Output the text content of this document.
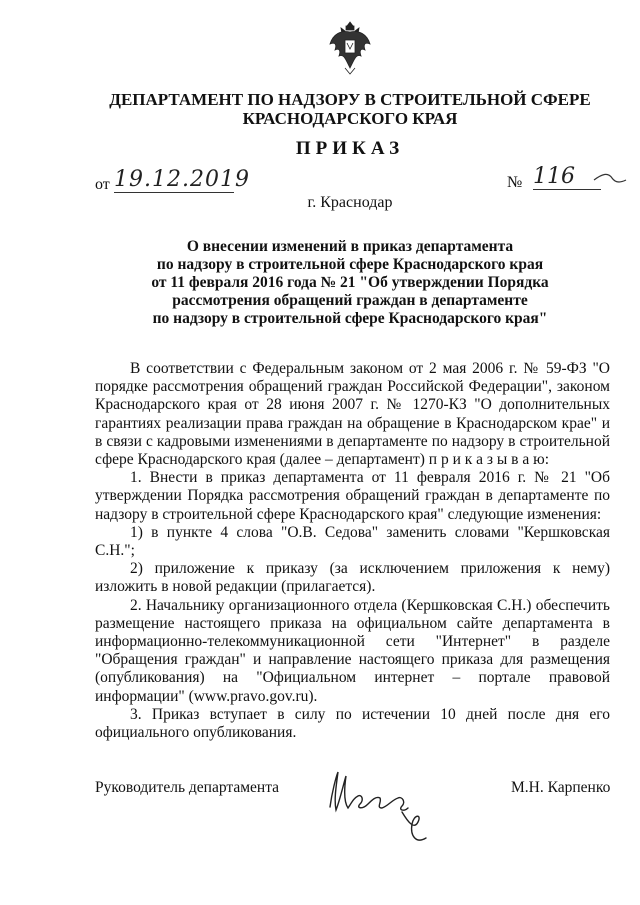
ДЕПАРТАМЕНТ ПО НАДЗОРУ В СТРОИТЕЛЬНОЙ СФЕРЕ
КРАСНОДАРСКОГО КРАЯ
ПРИКАЗ
от 19.12.2019	№ 116
г. Краснодар
О внесении изменений в приказ департамента
по надзору в строительной сфере Краснодарского края
от 11 февраля 2016 года № 21 "Об утверждении Порядка
рассмотрения обращений граждан в департаменте
по надзору в строительной сфере Краснодарского края"

В соответствии с Федеральным законом от 2 мая 2006 г. № 59-ФЗ "О порядке рассмотрения обращений граждан Российской Федерации", законом Краснодарского края от 28 июня 2007 г. № 1270-КЗ "О дополнительных гарантиях реализации права граждан на обращение в Краснодарском крае" и в связи с кадровыми изменениями в департаменте по надзору в строительной сфере Краснодарского края (далее – департамент) п р и к а з ы в а ю:

1. Внести в приказ департамента от 11 февраля 2016 г. № 21 "Об утверждении Порядка рассмотрения обращений граждан в департаменте по надзору в строительной сфере Краснодарского края" следующие изменения:

1) в пункте 4 слова "О.В. Седова" заменить словами "Кершковская С.Н.";

2) приложение к приказу (за исключением приложения к нему) изложить в новой редакции (прилагается).

2. Начальнику организационного отдела (Кершковская С.Н.) обеспечить размещение настоящего приказа на официальном сайте департамента в информационно-телекоммуникационной сети "Интернет" в разделе "Обращения граждан" и направление настоящего приказа для размещения (опубликования) на "Официальном интернет – портале правовой информации" (www.pravo.gov.ru).

3. Приказ вступает в силу по истечении 10 дней после дня его официального опубликования.

Руководитель департамента	М.Н. Карпенко
